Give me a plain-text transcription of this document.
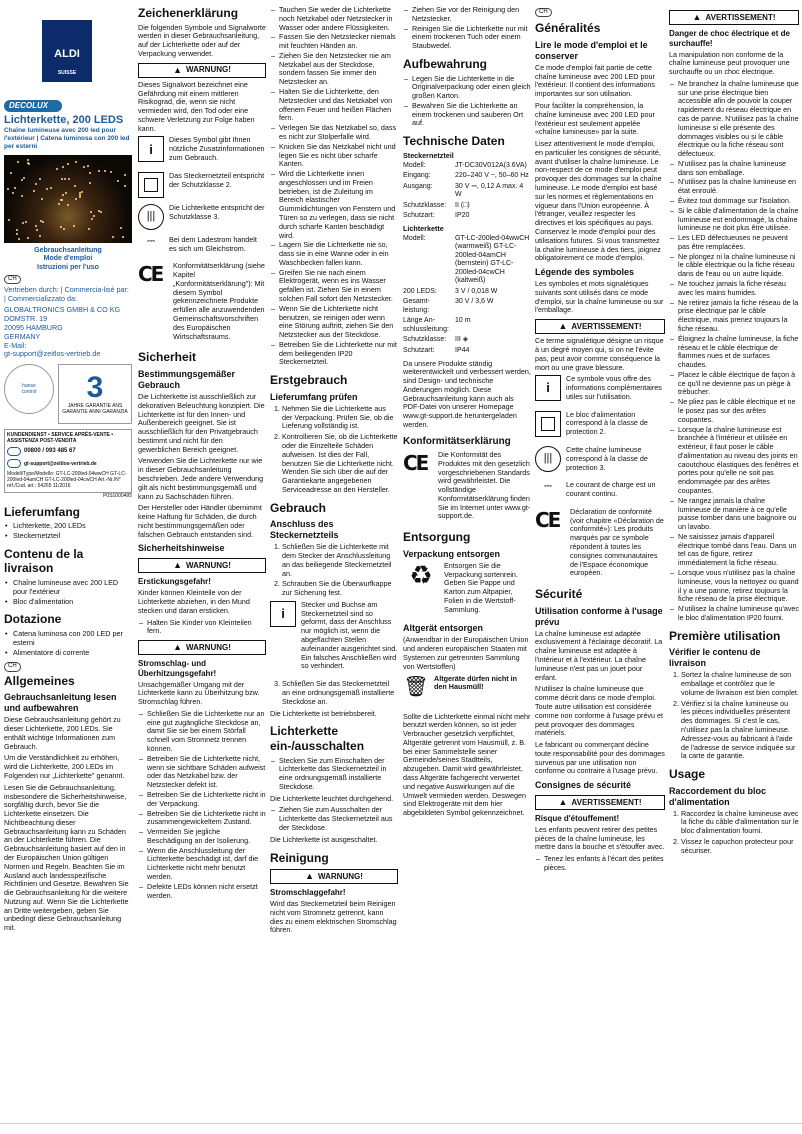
ALDI

SUISSE
DECOLUX
Lichterkette, 200 LEDS
Chaîne lumineuse avec 200 led pour l'extérieur | Catena luminosa con 200 led per esterni
Gebrauchsanleitung
Mode d'emploi
Istruzioni per l'uso
CH

Vertrieben durch: | Commercia-lisé par: | Commercializzato da:

GLOBALTRONICS GMBH & CO KG
DOMSTR. 19
20095 HAMBURG
GERMANY
E-Mail:
gt-support@zeitlos-vertrieb.de
hanse
control	3
JAHRE GARANTIE ANS GARANTIE ANNI GARANZIA
KUNDENDIENST • SERVICE APRÈS-VENTE • ASSISTENZA POST-VENDITA
00800 / 093 485 67
gt-support@zeitlos-vertrieb.de
Modell/Type/Modello: GT-LC-200led-04wwCH GT-LC-200led-04amCH GT-LC-200led-04cwCH Art.-Nr./N° réf./Cod. art.: 54265 11/2016
P0S1000495
Lieferumfang
• Lichterkette, 200 LEDs
• Steckernetzteil
Contenu de la livraison
• Chaîne lumineuse avec 200 LED pour l'extérieur
• Bloc d'alimentation
Dotazione
• Catena luminosa con 200 LED per esterni
• Alimentatore di corrente
CH
Allgemeines
Gebrauchsanleitung lesen und aufbewahren

Diese Gebrauchsanleitung gehört zu dieser Lichterkette, 200 LEDs. Sie enthält wichtige Informationen zum Gebrauch.

Um die Verständlichkeit zu erhöhen, wird die Lichterkette, 200 LEDs im Folgenden nur „Lichterkette" genannt.

Lesen Sie die Gebrauchsanleitung, insbesondere die Sicherheitshinweise, sorgfältig durch, bevor Sie die Lichterkette einsetzen. Die Nichtbeachtung dieser Gebrauchsanleitung kann zu Schäden an der Lichterkette führen. Die Gebrauchsanleitung basiert auf den in der Europäischen Union gültigen Normen und Regeln. Beachten Sie im Ausland auch landesspezifische Richtlinien und Gesetze. Bewahren Sie die Gebrauchsanleitung für die weitere Nutzung auf. Wenn Sie die Lichterkette an Dritte weitergeben, geben Sie unbedingt diese Gebrauchsanleitung mit.

Zeichenerklärung

Die folgenden Symbole und Signalworte werden in dieser Gebrauchsanleitung, auf der Lichterkette oder auf der Verpackung verwendet.

▲ WARNUNG!

Dieses Signalwort bezeichnet eine Gefährdung mit einem mittleren Risikograd, die, wenn sie nicht vermieden wird, den Tod oder eine schwere Verletzung zur Folge haben kann.

i

Dieses Symbol gibt Ihnen nützliche Zusatzinformationen zum Gebrauch.

Das Steckernetzteil entspricht der Schutzklasse 2.

|||

Die Lichterkette entspricht der Schutzklasse 3.

⎓	Bei dem Ladestrom handelt es sich um Gleichstrom.

CE	Konformitätserklärung (siehe Kapitel „Konformitätserklärung"): Mit diesem Symbol gekennzeichnete Produkte erfüllen alle anzuwendenden Gemeinschaftsvorschriften des Europäischen Wirtschaftsraums.

Sicherheit
Bestimmungsgemäßer Gebrauch

Die Lichterkette ist ausschließlich zur dekorativen Beleuchtung konzipiert. Die Lichterkette ist für den Innen- und Außenbereich geeignet. Sie ist ausschließlich für den Privatgebrauch bestimmt und nicht für den gewerblichen Bereich geeignet.

Verwenden Sie die Lichterkette nur wie in dieser Gebrauchsanleitung beschrieben. Jede andere Verwendung gilt als nicht bestimmungsgemäß und kann zu Sachschäden führen.

Der Hersteller oder Händler übernimmt keine Haftung für Schäden, die durch nicht bestimmungsgemäßen oder falschen Gebrauch entstanden sind.

Sicherheitshinweise
▲ WARNUNG!
Erstickungsgefahr!

Kinder können Kleinteile von der Lichterkette abziehen, in den Mund stecken und daran ersticken.

– Halten Sie Kinder von Kleinteilen fern.
▲ WARNUNG!
Stromschlag- und Überhitzungsgefahr!

Unsachgemäßer Umgang mit der Lichterkette kann zu Überhitzung bzw. Stromschlag führen.

– Schließen Sie die Lichterkette nur an eine gut zugängliche Steckdose an, damit Sie sie bei einem Störfall schnell vom Stromnetz trennen können.
– Betreiben Sie die Lichterkette nicht, wenn sie sichtbare Schäden aufweist oder das Netzkabel bzw. der Netzstecker defekt ist.
– Betreiben Sie die Lichterkette nicht in der Verpackung.
– Betreiben Sie die Lichterkette nicht in zusammengewickeltem Zustand.
– Vermeiden Sie jegliche Beschädigung an der Isolierung.
– Wenn die Anschlussleitung der Lichterkette beschädigt ist, darf die Lichterkette nicht mehr benutzt werden.
– Defekte LEDs können nicht ersetzt werden.
– Tauchen Sie weder die Lichterkette noch Netzkabel oder Netzstecker in Wasser oder andere Flüssigkeiten.
– Fassen Sie den Netzstecker niemals mit feuchten Händen an.
– Ziehen Sie den Netzstecker nie am Netzkabel aus der Steckdose, sondern fassen Sie immer den Netzstecker an.
– Halten Sie die Lichterkette, den Netzstecker und das Netzkabel von offenem Feuer und heißen Flächen fern.
– Verlegen Sie das Netzkabel so, dass es nicht zur Stolperfalle wird.
– Knicken Sie das Netzkabel nicht und legen Sie es nicht über scharfe Kanten.
– Wird die Lichterkette innen angeschlossen und im Freien betrieben, ist die Zuleitung im Bereich elastischer Gummidichtungen von Fenstern und Türen so zu verlegen, dass sie nicht durch scharfe Kanten beschädigt wird.
– Lagern Sie die Lichterkette nie so, dass sie in eine Wanne oder in ein Waschbecken fallen kann.
– Greifen Sie nie nach einem Elektrogerät, wenn es ins Wasser gefallen ist. Ziehen Sie in einem solchen Fall sofort den Netzstecker.
– Wenn Sie die Lichterkette nicht benutzen, sie reinigen oder wenn eine Störung auftritt, ziehen Sie den Netzstecker aus der Steckdose.
– Betreiben Sie die Lichterkette nur mit dem beiliegenden IP20 Steckernetzteil.
Erstgebrauch
Lieferumfang prüfen
1. Nehmen Sie die Lichterkette aus der Verpackung. Prüfen Sie, ob die Lieferung vollständig ist.
2. Kontrollieren Sie, ob die Lichterkette oder die Einzelteile Schäden aufweisen. Ist dies der Fall, benutzen Sie die Lichterkette nicht. Wenden Sie sich über die auf der Garantiekarte angegebenen Serviceadresse an den Hersteller.
Gebrauch
Anschluss des Steckernetzteils
1. Schließen Sie die Lichterkette mit dem Stecker der Anschlussleitung an das beiliegende Steckernetzteil an.
2. Schrauben Sie die Überwurfkappe zur Sicherung fest.
i

Stecker und Buchse am Steckernetzteil sind so geformt, dass der Anschluss nur möglich ist, wenn die abgeflachten Stellen aufeinander ausgerichtet sind. Ein falsches Anschließen wird so verhindert.

3. Schließen Sie das Steckernetzteil an eine ordnungsgemäß installierte Steckdose an.

Die Lichterkette ist betriebsbereit.

Lichterkette ein-/ausschalten
– Stecken Sie zum Einschalten der Lichterkette das Steckernetzteil in eine ordnungsgemäß installierte Steckdose.

Die Lichterkette leuchtet durchgehend.

– Ziehen Sie zum Ausschalten der Lichterkette das Steckernetzteil aus der Steckdose.

Die Lichterkette ist ausgeschaltet.

Reinigung
▲ WARNUNG!
Stromschlaggefahr!

Wird das Steckernetzteil beim Reinigen nicht vom Stromnetz getrennt, kann dies zu einem elektrischen Stromschlag führen.

– Ziehen Sie vor der Reinigung den Netzstecker.
– Reinigen Sie die Lichterkette nur mit einem trockenen Tuch oder einem Staubwedel.
Aufbewahrung
– Legen Sie die Lichterkette in die Originalverpackung oder einen gleich großen Karton.
– Bewahren Sie die Lichterkette an einem trockenen und sauberen Ort auf.
Technische Daten
Steckernetzteil
Modell:	JT-DC30V012A(3.6VA)
Eingang:	220–240 V ~, 50–60 Hz
Ausgang:	30 V ⎓, 0,12 A max. 4 W
Schutzklasse:	II (□)
Schutzart:	IP20
Lichterkette
Modell:	GT-LC-200led-04wwCH (warmweiß) GT-LC-200led-04amCH (bernstein) GT-LC-200led-04cwCH (kaltweiß)
200 LEDS:	3 V / 0,018 W
Gesamt-leistung:	30 V / 3,6 W
Länge An-schlussleitung:	10 m
Schutzklasse:	III ◈
Schutzart:	IP44

Da unsere Produkte ständig weiterentwickelt und verbessert werden, sind Design- und technische Änderungen möglich. Diese Gebrauchsanleitung kann auch als PDF-Datei von unserer Homepage www.gt-support.de heruntergeladen werden.

Konformitätserklärung
CE	Die Konformität des Produktes mit den gesetzlich vorgeschriebenen Standards wird gewährleistet. Die vollständige Konformitätserklärung finden Sie im Internet unter www.gt-support.de.

Entsorgung
Verpackung entsorgen
♻	Entsorgen Sie die Verpackung sortenrein. Geben Sie Pappe und Karton zum Altpapier, Folien in die Wertstoff-Sammlung.

Altgerät entsorgen

(Anwendbar in der Europäischen Union und anderen europäischen Staaten mit Systemen zur getrennten Sammlung von Wertstoffen)

🗑 Altgeräte dürfen nicht in den Hausmüll!

Sollte die Lichterkette einmal nicht mehr benutzt werden können, so ist jeder Verbraucher gesetzlich verpflichtet, Altgeräte getrennt vom Hausmüll, z. B. bei einer Sammelstelle seiner Gemeinde/seines Stadtteils, abzugeben. Damit wird gewährleistet, dass Altgeräte fachgerecht verwertet und negative Auswirkungen auf die Umwelt vermieden werden. Deswegen sind Elektrogeräte mit dem hier abgebildeten Symbol gekennzeichnet.

CH
Généralités
Lire le mode d'emploi et le conserver

Ce mode d'emploi fait partie de cette chaîne lumineuse avec 200 LED pour l'extérieur. Il contient des informations importantes sur son utilisation.

Pour faciliter la compréhension, la chaîne lumineuse avec 200 LED pour l'extérieur est seulement appelée «chaîne lumineuse» par la suite.

Lisez attentivement le mode d'emploi, en particulier les consignes de sécurité, avant d'utiliser la chaîne lumineuse. Le non-respect de ce mode d'emploi peut provoquer des dommages sur la chaîne lumineuse. Le mode d'emploi est basé sur les normes et règlementations en vigueur dans l'Union européenne. À l'étranger, veuillez respecter les directives et lois spécifiques au pays. Conservez le mode d'emploi pour des utilisations futures. Si vous transmettez la chaîne lumineuse à des tiers, joignez obligatoirement ce mode d'emploi.

Légende des symboles

Les symboles et mots signalétiques suivants sont utilisés dans ce mode d'emploi, sur la chaîne lumineuse ou sur l'emballage.

▲ AVERTISSEMENT!

Ce terme signalétique désigne un risque à un degré moyen qui, si on ne l'évite pas, peut avoir comme conséquence la mort ou une grave blessure.

i

Ce symbole vous offre des informations complémentaires utiles sur l'utilisation.

Le bloc d'alimentation correspond à la classe de protection 2.

|||

Cette chaîne lumineuse correspond à la classe de protection 3.

⎓	Le courant de charge est un courant continu.

CE	Déclaration de conformité (voir chapitre «Déclaration de conformité»): Les produits marqués par ce symbole répondent à toutes les consignes communautaires de l'Espace économique européen.

Sécurité
Utilisation conforme à l'usage prévu

La chaîne lumineuse est adaptée exclusivement à l'éclairage décoratif. La chaîne lumineuse est adaptée à l'intérieur et à l'extérieur. La chaîne lumineuse n'est pas un jouet pour enfant.

N'utilisez la chaîne lumineuse que comme décrit dans ce mode d'emploi. Toute autre utilisation est considérée comme non conforme à l'usage prévu et peut provoquer des dommages matériels.

Le fabricant ou commerçant décline toute responsabilité pour des dommages survenus par une utilisation non conforme ou contraire à l'usage prévu.

Consignes de sécurité
▲ AVERTISSEMENT!
Risque d'étouffement!

Les enfants peuvent retirer des petites pièces de la chaîne lumineuse, les mettre dans la bouche et s'étouffer avec.

– Tenez les enfants à l'écart des petites pièces.
▲ AVERTISSEMENT!
Danger de choc électrique et de surchauffe!

La manipulation non conforme de la chaîne lumineuse peut provoquer une surchauffe ou un choc électrique.

– Ne branchez la chaîne lumineuse que sur une prise électrique bien accessible afin de pouvoir la couper rapidement du réseau électrique en cas de panne. N'utilisez pas la chaîne lumineuse si elle présente des dommages visibles ou si le câble électrique ou la fiche réseau sont défectueux.
– N'utilisez pas la chaîne lumineuse dans son emballage.
– N'utilisez pas la chaîne lumineuse en état enroulé.
– Évitez tout dommage sur l'isolation.
– Si le câble d'alimentation de la chaîne lumineuse est endommagé, la chaîne lumineuse ne doit plus être utilisée.
– Les LED défectueuses ne peuvent pas être remplacées.
– Ne plongez ni la chaîne lumineuse ni le câble électrique ou la fiche réseau dans de l'eau ou un autre liquide.
– Ne touchez jamais la fiche réseau avec les mains humides.
– Ne retirez jamais la fiche réseau de la prise électrique par le câble électrique, mais prenez toujours la fiche réseau.
– Éloignez la chaîne lumineuse, la fiche réseau et le câble électrique de flammes nues et de surfaces chaudes.
– Placez le câble électrique de façon à ce qu'il ne devienne pas un piège à trébucher.
– Ne pliez pas le câble électrique et ne le posez pas sur des arêtes coupantes.
– Lorsque la chaîne lumineuse est branchée à l'intérieur et utilisée en extérieur, il faut poser le câble d'alimentation au niveau des joints en caoutchouc élastiques des fenêtres et portes pour qu'elle ne soit pas endommagée par des arêtes coupantes.
– Ne rangez jamais la chaîne lumineuse de manière à ce qu'elle puisse tomber dans une baignoire ou un lavabo.
– Ne saisissez jamais d'appareil électrique tombé dans l'eau. Dans un tel cas de figure, retirez immédiatement la fiche réseau.
– Lorsque vous n'utilisez pas la chaîne lumineuse, vous la nettoyez ou quand il y a une panne, retirez toujours la fiche réseau de la prise électrique.
– N'utilisez la chaîne lumineuse qu'avec le bloc d'alimentation IP20 fourni.
Première utilisation
Vérifier le contenu de livraison
1. Sortez la chaîne lumineuse de son emballage et contrôlez que le volume de livraison est bien complet.
2. Vérifiez si la chaîne lumineuse ou les pièces individuelles présentent des dommages. Si c'est le cas, n'utilisez pas la chaîne lumineuse. Adressez-vous au fabricant à l'aide de l'adresse de service indiquée sur la carte de garantie.
Usage
Raccordement du bloc d'alimentation
1. Raccordez la chaîne lumineuse avec la fiche du câble d'alimentation sur le bloc d'alimentation fourni.
2. Vissez le capuchon protecteur pour sécuriser.
